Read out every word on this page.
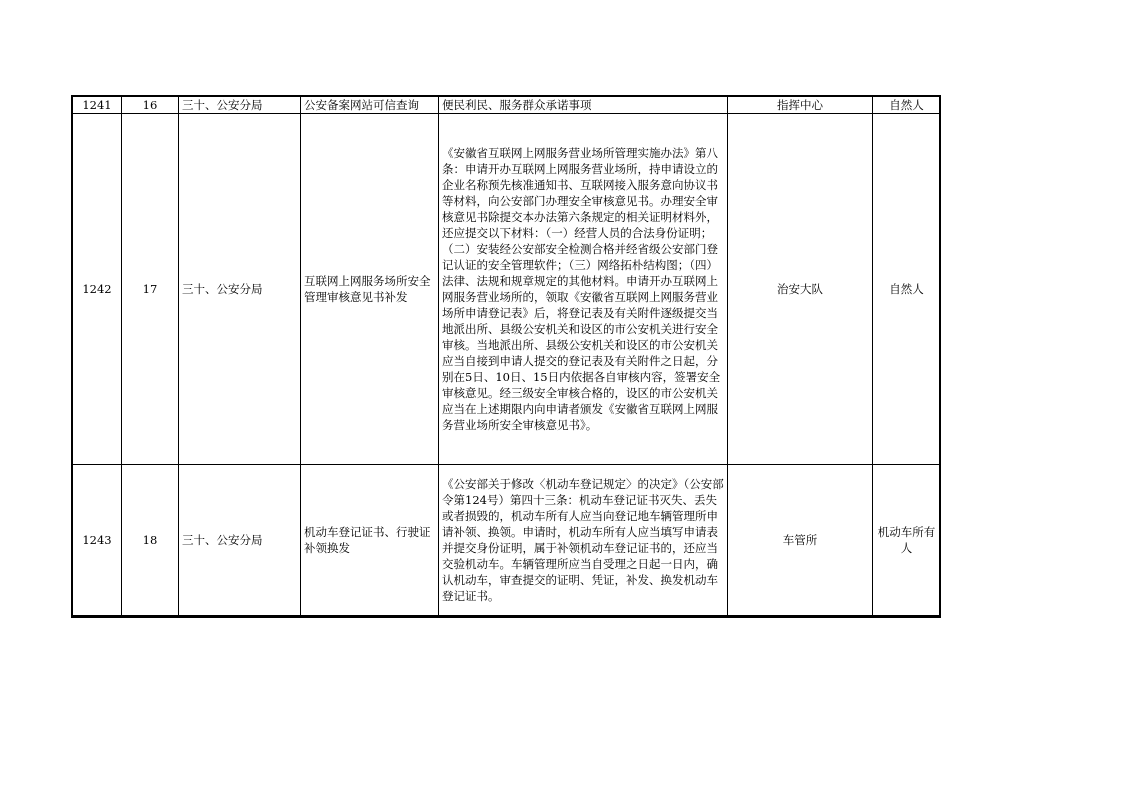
1241	16	三十、公安分局	公安备案网站可信查询	便民利民、服务群众承诺事项	指挥中心	自然人
1242	17	三十、公安分局	互联网上网服务场所安全管理审核意见书补发	《安徽省互联网上网服务营业场所管理实施办法》第八条：申请开办互联网上网服务营业场所，持申请设立的企业名称预先核准通知书、互联网接入服务意向协议书等材料，向公安部门办理安全审核意见书。办理安全审核意见书除提交本办法第六条规定的相关证明材料外，还应提交以下材料：（一）经营人员的合法身份证明；（二）安装经公安部安全检测合格并经省级公安部门登记认证的安全管理软件；（三）网络拓朴结构图；（四）法律、法规和规章规定的其他材料。申请开办互联网上网服务营业场所的，领取《安徽省互联网上网服务营业场所申请登记表》后，将登记表及有关附件逐级提交当地派出所、县级公安机关和设区的市公安机关进行安全审核。当地派出所、县级公安机关和设区的市公安机关应当自接到申请人提交的登记表及有关附件之日起，分别在5日、10日、15日内依据各自审核内容，签署安全审核意见。经三级安全审核合格的，设区的市公安机关应当在上述期限内向申请者颁发《安徽省互联网上网服务营业场所安全审核意见书》。	治安大队	自然人
1243	18	三十、公安分局	机动车登记证书、行驶证补领换发	《公安部关于修改〈机动车登记规定〉的决定》（公安部令第124号）第四十三条：机动车登记证书灭失、丢失或者损毁的，机动车所有人应当向登记地车辆管理所申请补领、换领。申请时，机动车所有人应当填写申请表并提交身份证明，属于补领机动车登记证书的，还应当交验机动车。车辆管理所应当自受理之日起一日内，确认机动车，审查提交的证明、凭证，补发、换发机动车登记证书。	车管所	机动车所有人
